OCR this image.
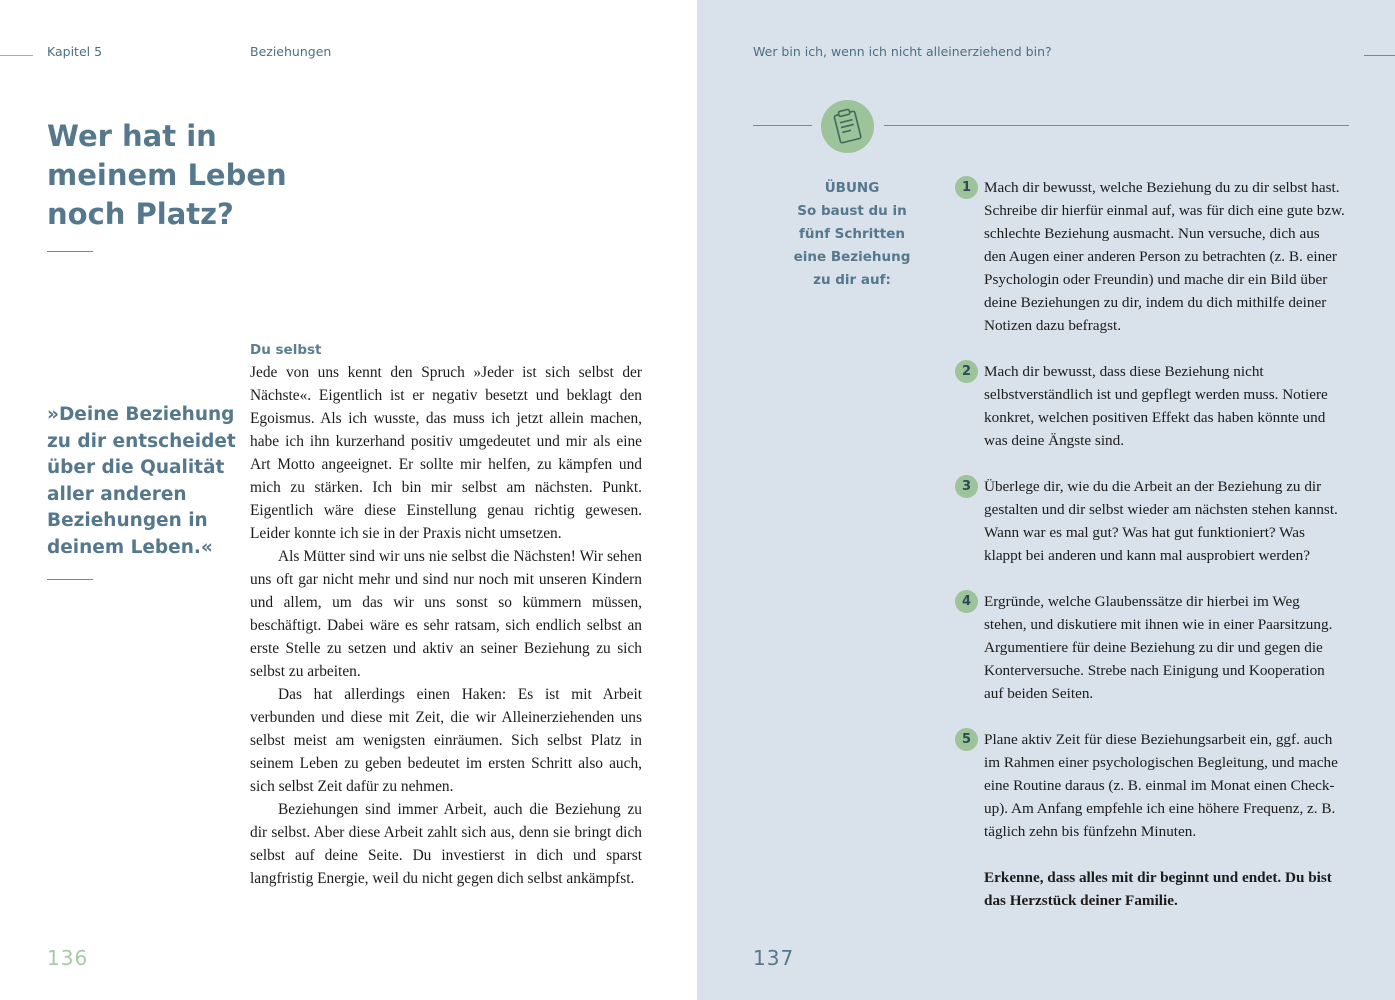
Kapitel 5	Beziehungen
Wer hat in meinem Leben noch Platz?
»Deine Beziehung zu dir entscheidet über die Qualität aller anderen Beziehungen in deinem Leben.«
Du selbst

Jede von uns kennt den Spruch »Jeder ist sich selbst der Nächste«. Eigentlich ist er negativ besetzt und beklagt den Egoismus. Als ich wusste, das muss ich jetzt allein machen, habe ich ihn kurzerhand positiv umgedeutet und mir als eine Art Motto angeeignet. Er sollte mir helfen, zu kämpfen und mich zu stärken. Ich bin mir selbst am nächsten. Punkt. Eigentlich wäre diese Einstellung genau richtig gewesen. Leider konnte ich sie in der Praxis nicht umsetzen.

Als Mütter sind wir uns nie selbst die Nächsten! Wir sehen uns oft gar nicht mehr und sind nur noch mit unseren Kindern und allem, um das wir uns sonst so kümmern müssen, beschäftigt. Dabei wäre es sehr ratsam, sich endlich selbst an erste Stelle zu setzen und aktiv an seiner Beziehung zu sich selbst zu arbeiten.

Das hat allerdings einen Haken: Es ist mit Arbeit verbunden und diese mit Zeit, die wir Alleinerziehenden uns selbst meist am wenigsten einräumen. Sich selbst Platz in seinem Leben zu geben bedeutet im ersten Schritt also auch, sich selbst Zeit dafür zu nehmen.

Beziehungen sind immer Arbeit, auch die Beziehung zu dir selbst. Aber diese Arbeit zahlt sich aus, denn sie bringt dich selbst auf deine Seite. Du investierst in dich und sparst langfristig Energie, weil du nicht gegen dich selbst ankämpfst.

136
Wer bin ich, wenn ich nicht alleinerziehend bin?
ÜBUNG
So baust du in fünf Schritten eine Beziehung zu dir auf:
1 Mach dir bewusst, welche Beziehung du zu dir selbst hast. Schreibe dir hierfür einmal auf, was für dich eine gute bzw. schlechte Beziehung ausmacht. Nun versuche, dich aus den Augen einer anderen Person zu betrachten (z. B. einer Psychologin oder Freundin) und mache dir ein Bild über deine Beziehungen zu dir, indem du dich mithilfe deiner Notizen dazu befragst.
2 Mach dir bewusst, dass diese Beziehung nicht selbstverständlich ist und gepflegt werden muss. Notiere konkret, welchen positiven Effekt das haben könnte und was deine Ängste sind.
3 Überlege dir, wie du die Arbeit an der Beziehung zu dir gestalten und dir selbst wieder am nächsten stehen kannst. Wann war es mal gut? Was hat gut funktioniert? Was klappt bei anderen und kann mal ausprobiert werden?
4 Ergründe, welche Glaubenssätze dir hierbei im Weg stehen, und diskutiere mit ihnen wie in einer Paarsitzung. Argumentiere für deine Beziehung zu dir und gegen die Konterversuche. Strebe nach Einigung und Kooperation auf beiden Seiten.
5 Plane aktiv Zeit für diese Beziehungsarbeit ein, ggf. auch im Rahmen einer psychologischen Begleitung, und mache eine Routine daraus (z. B. einmal im Monat einen Check-up). Am Anfang empfehle ich eine höhere Frequenz, z. B. täglich zehn bis fünfzehn Minuten.
Erkenne, dass alles mit dir beginnt und endet. Du bist das Herzstück deiner Familie.
137
